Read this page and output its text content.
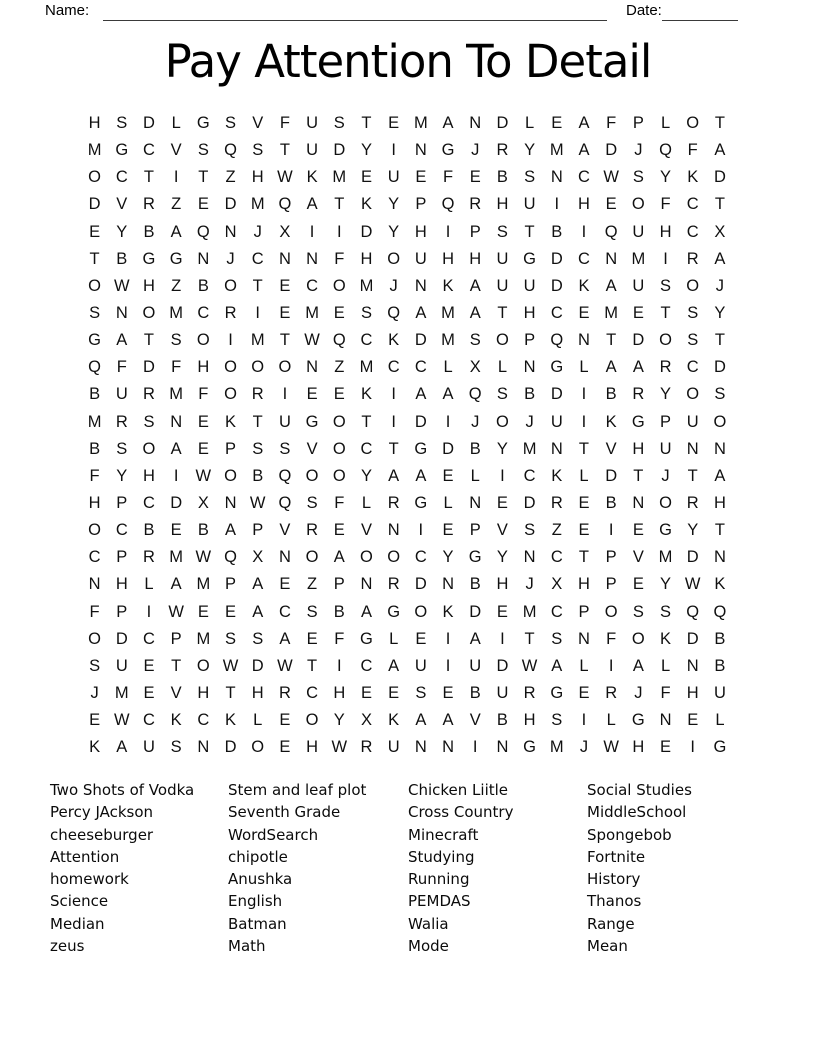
Name:	Date:
Pay Attention To Detail
H S D	L G S V	F U S	T	E M A N D	L	E A	F	P	L O T
M G C V S Q S	T U D Y	I	N G	J	R Y M A D	J	Q F	A
O C T	I	T	Z H W K M E U E	F	E B S N C W S Y K D
D V R Z	E D M Q A	T	K Y P Q R H U	I	H E O F C T
E Y B A Q N	J	X	I	I	D Y H	I	P S	T	B	I	Q U H C X
T	B G G N	J	C N N F H O U H H U G D C N M	I	R A
O W H Z	B O T	E C O M J	N K A U U D K A U S O	J
S N O M C R	I	E M E S Q A M A	T H C E M E	T	S Y
G A	T	S O	I	M T W Q C K D M S O P Q N T D O S	T
Q F D F H O O O N Z M C C	L	X	L	N G L	A A R C D
B U R M F O R	I	E E K	I	A A Q S B D	I	B R Y O S
M R S N E K	T U G O T	I	D	I	J	O	J	U	I	K G P U O
B S O A E P S S V O C T G D B Y M N T	V H U N N
F	Y H	I	W O B Q O O Y A A E	L	I	C K	L	D T	J	T	A
H P C D X N W Q S	F	L	R G L	N E D R E B N O R H
O C B E B A P V R E V N	I	E P V S	Z	E	I	E G Y	T
C P R M W Q X N O A O O C Y G Y N C T	P V M D N
N H	L	A M P A E	Z	P N R D N B H	J	X H P E Y W K
F	P	I	W E E A C S B A G O K D E M C P O S S Q Q
O D C P M S S A E	F G L	E	I	A	I	T	S N F O K D B
S U E	T O W D W T	I	C A U	I	U D W A	L	I	A	L	N B
J M E V H T H R C H E E S E B U R G E R	J	F H U
E W C K C K	L	E O Y X K A A V B H S	I	L G N E	L
K A U S N D O E H W R U N N	I	N G M J W H E	I	G
Two Shots of Vodka
Percy JAckson
cheeseburger
Attention
homework
Science
Median
zeus
Stem and leaf plot
Seventh Grade
WordSearch
chipotle
Anushka
English
Batman
Math
Chicken Liitle
Cross Country
Minecraft
Studying
Running
PEMDAS
Walia
Mode
Social Studies
MiddleSchool
Spongebob
Fortnite
History
Thanos
Range
Mean
